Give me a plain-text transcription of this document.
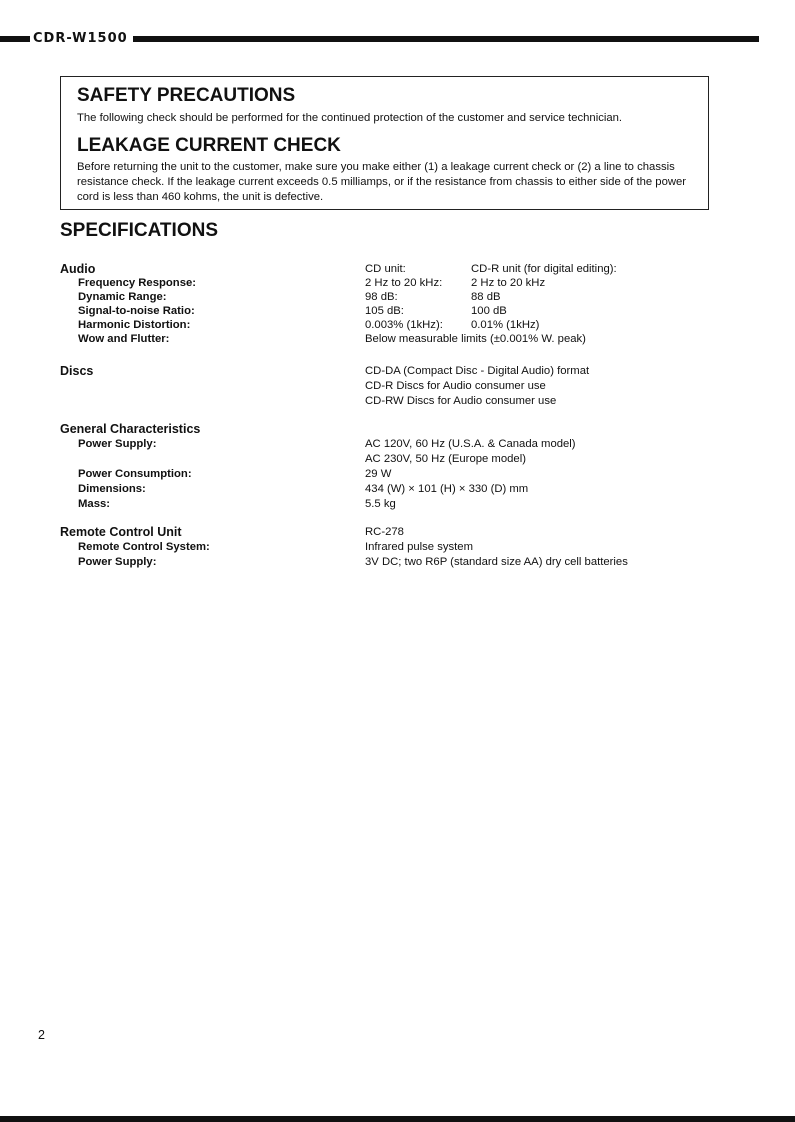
CDR-W1500
SAFETY PRECAUTIONS

The following check should be performed for the continued protection of the customer and service technician.

LEAKAGE CURRENT CHECK

Before returning the unit to the customer, make sure you make either (1) a leakage current check or (2) a line to chassis resistance check. If the leakage current exceeds 0.5 milliamps, or if the resistance from chassis to either side of the power cord is less than 460 kohms, the unit is defective.

SPECIFICATIONS
Audio	CD unit:	CD-R unit (for digital editing):
Frequency Response:	2 Hz to 20 kHz:	2 Hz to 20 kHz
Dynamic Range:	98 dB:	88 dB
Signal-to-noise Ratio:	105 dB:	100 dB
Harmonic Distortion:	0.003% (1kHz): 0.01% (1kHz)
Wow and Flutter:	Below measurable limits (±0.001% W. peak)
Discs	CD-DA (Compact Disc - Digital Audio) format
CD-R Discs for Audio consumer use
CD-RW Discs for Audio consumer use
General Characteristics
Power Supply:	AC 120V, 60 Hz (U.S.A. & Canada model)
AC 230V, 50 Hz (Europe model)
Power Consumption:	29 W
Dimensions:	434 (W) × 101 (H) × 330 (D) mm
Mass:	5.5 kg
Remote Control Unit	RC-278
Remote Control System:	Infrared pulse system
Power Supply:	3V DC; two R6P (standard size AA) dry cell batteries
2
